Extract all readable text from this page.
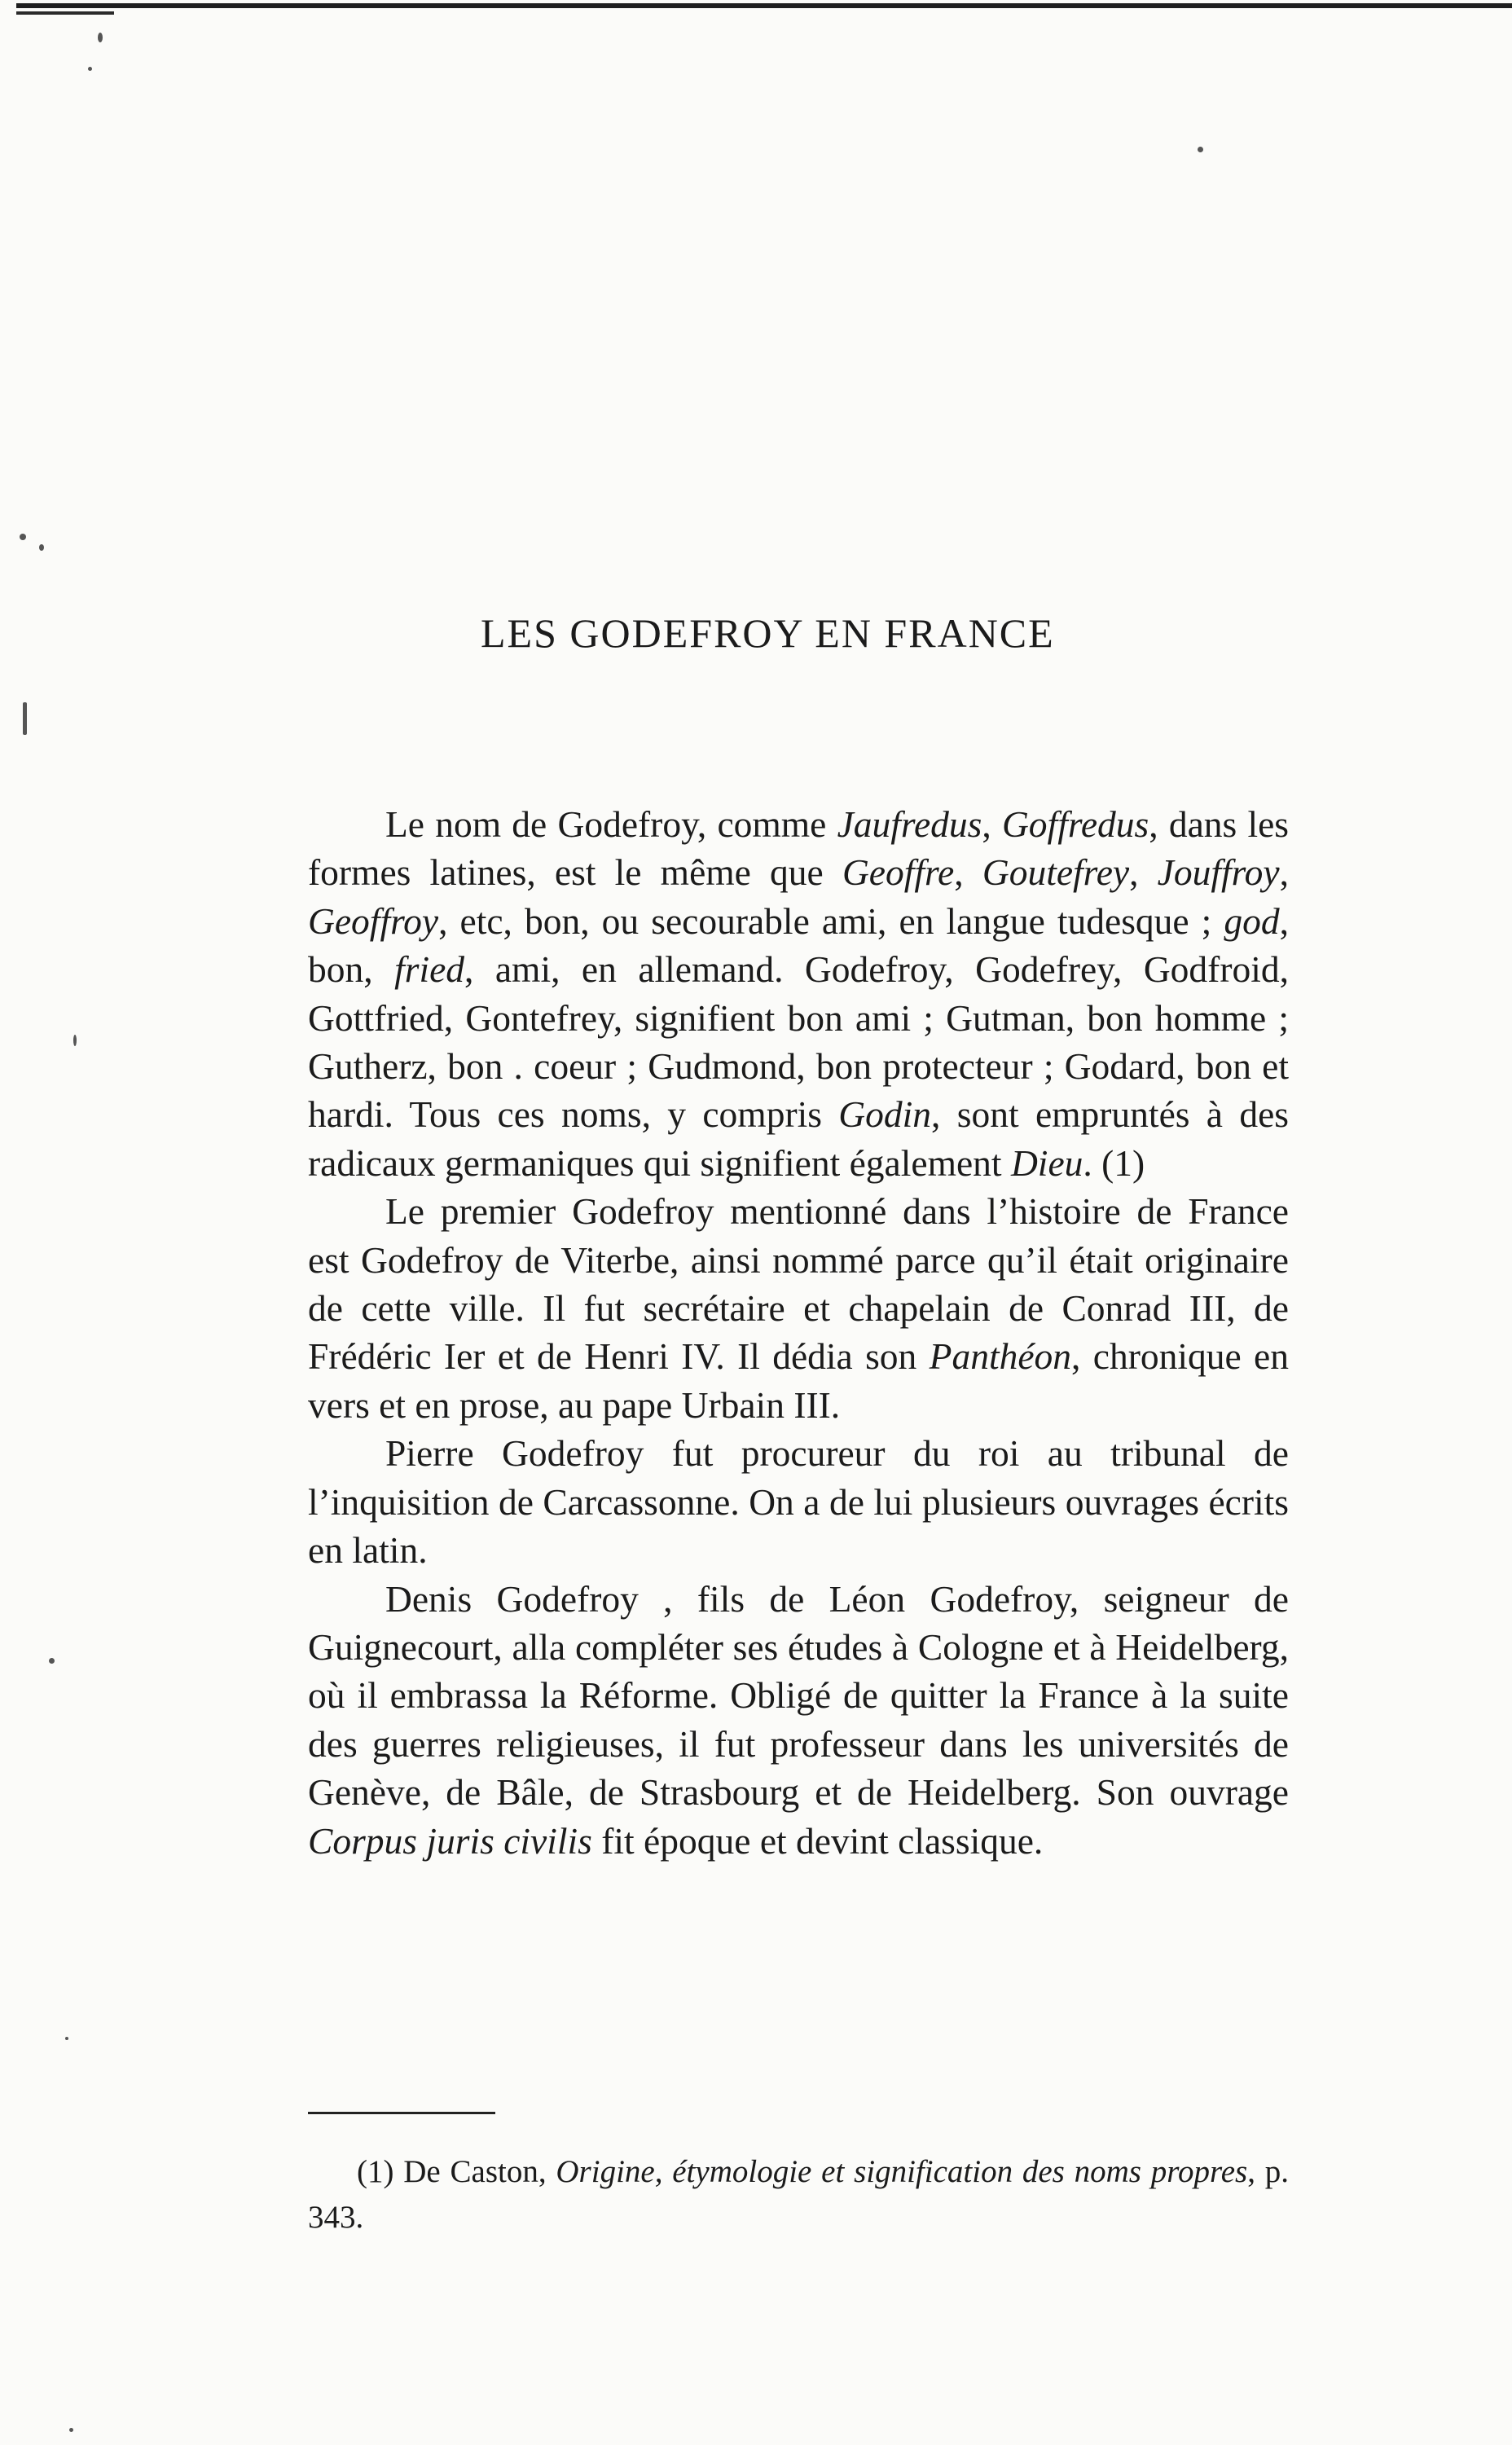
LES GODEFROY EN FRANCE

Le nom de Godefroy, comme Jaufredus, Goffredus, dans les formes latines, est le même que Geoffre, Goutefrey, Jouffroy, Geoffroy, etc, bon, ou secourable ami, en langue tudesque ; god, bon, fried, ami, en allemand. Godefroy, Godefrey, Godfroid, Gottfried, Gontefrey, signifient bon ami ; Gutman, bon homme ; Gutherz, bon . coeur ; Gudmond, bon protecteur ; Godard, bon et hardi. Tous ces noms, y compris Godin, sont empruntés à des radicaux germaniques qui signifient également Dieu. (1)

Le premier Godefroy mentionné dans l’histoire de France est Godefroy de Viterbe, ainsi nommé parce qu’il était originaire de cette ville. Il fut secrétaire et chapelain de Conrad III, de Frédéric Ier et de Henri IV. Il dédia son Panthéon, chronique en vers et en prose, au pape Urbain III.

Pierre Godefroy fut procureur du roi au tribunal de l’inquisition de Carcassonne. On a de lui plusieurs ouvrages écrits en latin.

Denis Godefroy , fils de Léon Godefroy, seigneur de Guignecourt, alla compléter ses études à Cologne et à Heidelberg, où il embrassa la Réforme. Obligé de quitter la France à la suite des guerres religieuses, il fut professeur dans les universités de Genève, de Bâle, de Strasbourg et de Heidelberg. Son ouvrage Corpus juris civilis fit époque et devint classique.

(1) De Caston, Origine, étymologie et signification des noms propres, p. 343.
